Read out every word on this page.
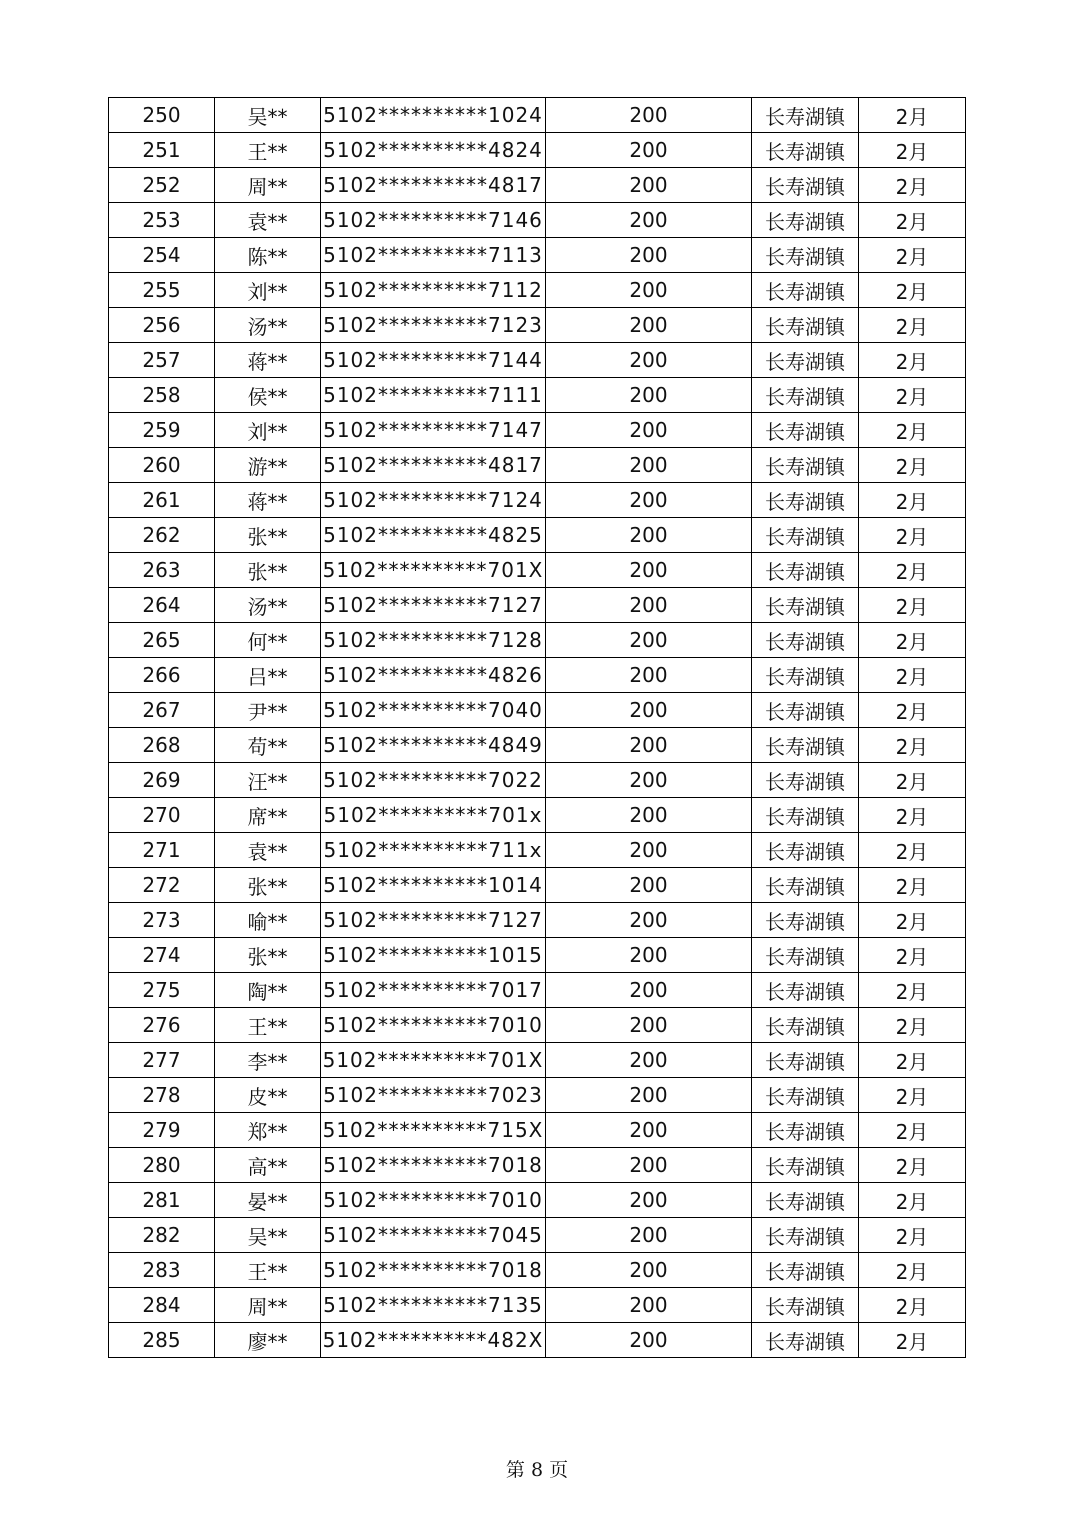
250	吴**	5102**********1024	200	长寿湖镇	2月
251	王**	5102**********4824	200	长寿湖镇	2月
252	周**	5102**********4817	200	长寿湖镇	2月
253	袁**	5102**********7146	200	长寿湖镇	2月
254	陈**	5102**********7113	200	长寿湖镇	2月
255	刘**	5102**********7112	200	长寿湖镇	2月
256	汤**	5102**********7123	200	长寿湖镇	2月
257	蒋**	5102**********7144	200	长寿湖镇	2月
258	侯**	5102**********7111	200	长寿湖镇	2月
259	刘**	5102**********7147	200	长寿湖镇	2月
260	游**	5102**********4817	200	长寿湖镇	2月
261	蒋**	5102**********7124	200	长寿湖镇	2月
262	张**	5102**********4825	200	长寿湖镇	2月
263	张**	5102**********701X	200	长寿湖镇	2月
264	汤**	5102**********7127	200	长寿湖镇	2月
265	何**	5102**********7128	200	长寿湖镇	2月
266	吕**	5102**********4826	200	长寿湖镇	2月
267	尹**	5102**********7040	200	长寿湖镇	2月
268	苟**	5102**********4849	200	长寿湖镇	2月
269	汪**	5102**********7022	200	长寿湖镇	2月
270	席**	5102**********701x	200	长寿湖镇	2月
271	袁**	5102**********711x	200	长寿湖镇	2月
272	张**	5102**********1014	200	长寿湖镇	2月
273	喻**	5102**********7127	200	长寿湖镇	2月
274	张**	5102**********1015	200	长寿湖镇	2月
275	陶**	5102**********7017	200	长寿湖镇	2月
276	王**	5102**********7010	200	长寿湖镇	2月
277	李**	5102**********701X	200	长寿湖镇	2月
278	皮**	5102**********7023	200	长寿湖镇	2月
279	郑**	5102**********715X	200	长寿湖镇	2月
280	高**	5102**********7018	200	长寿湖镇	2月
281	晏**	5102**********7010	200	长寿湖镇	2月
282	吴**	5102**********7045	200	长寿湖镇	2月
283	王**	5102**********7018	200	长寿湖镇	2月
284	周**	5102**********7135	200	长寿湖镇	2月
285	廖**	5102**********482X	200	长寿湖镇	2月
第 8 页
